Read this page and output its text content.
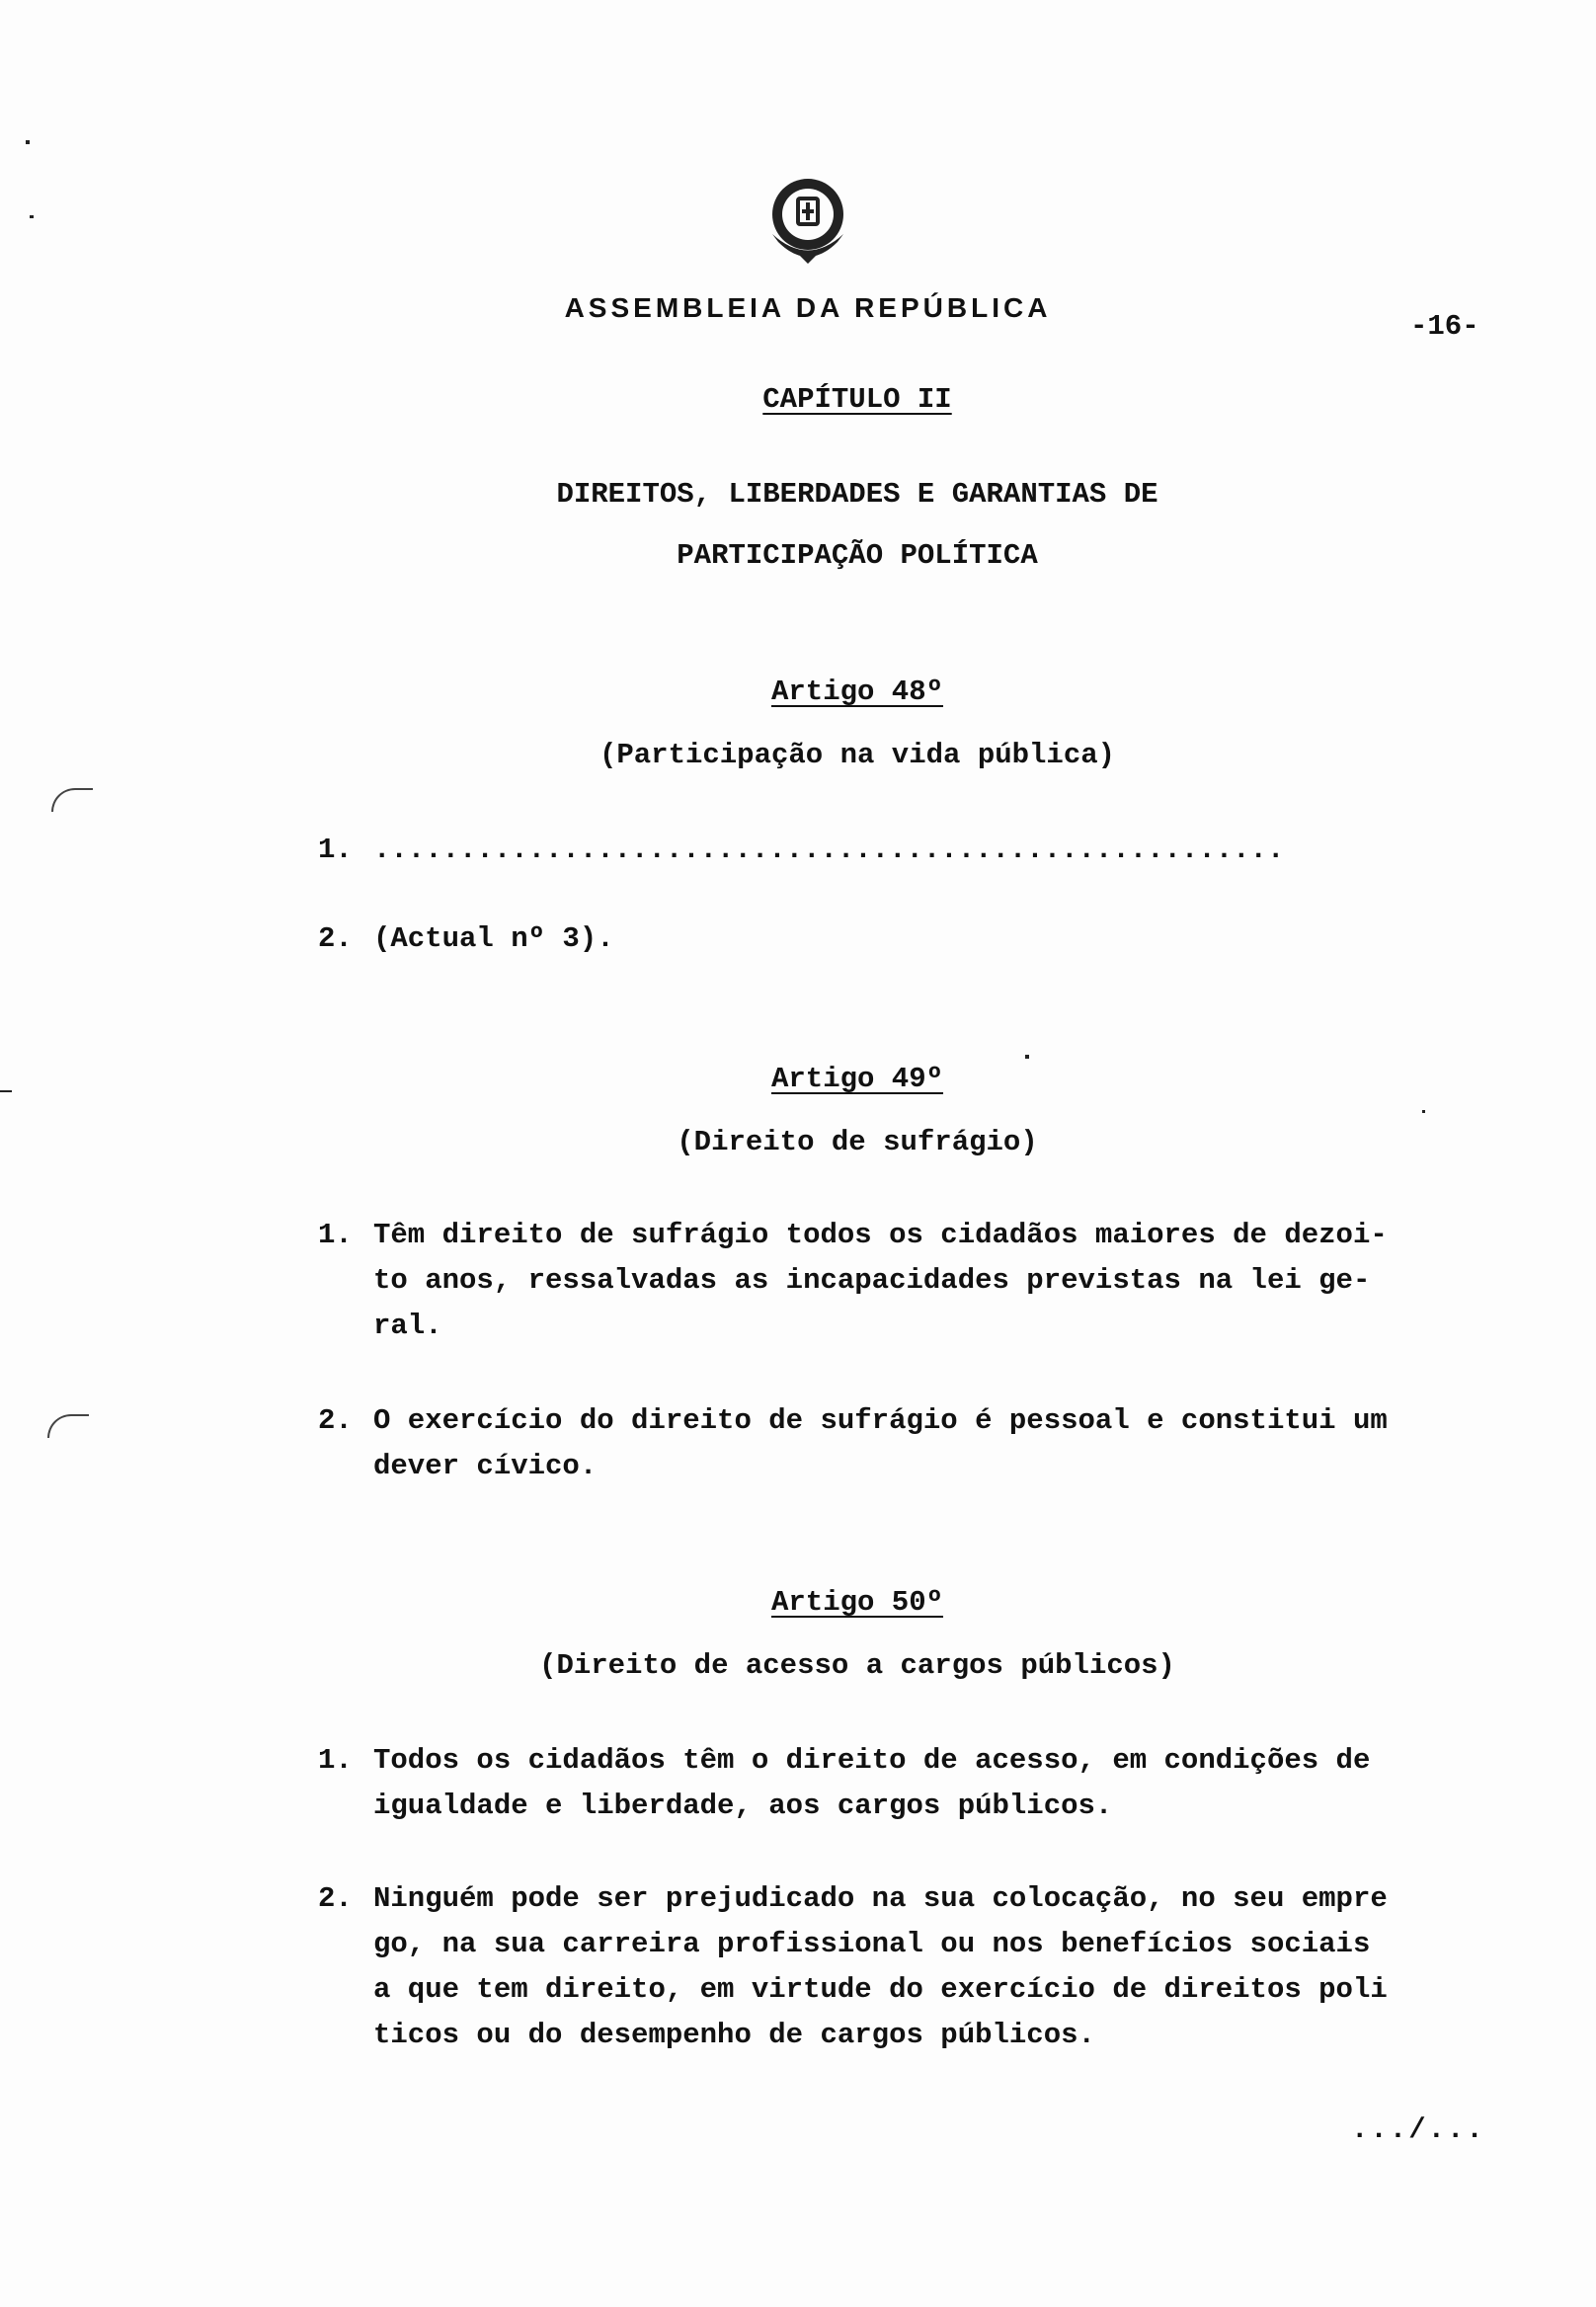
ASSEMBLEIA DA REPÚBLICA
-16-
CAPÍTULO II
DIREITOS, LIBERDADES E GARANTIAS DE
PARTICIPAÇÃO POLÍTICA
Artigo 48º
(Participação na vida pública)
1. .....................................................
2. (Actual nº 3).
Artigo 49º
(Direito de sufrágio)
1. Têm direito de sufrágio todos os cidadãos maiores de dezoi-
to anos, ressalvadas as incapacidades previstas na lei ge-
ral.
2. O exercício do direito de sufrágio é pessoal e constitui um
dever cívico.
Artigo 50º
(Direito de acesso a cargos públicos)
1. Todos os cidadãos têm o direito de acesso, em condições de
igualdade e liberdade, aos cargos públicos.
2. Ninguém pode ser prejudicado na sua colocação, no seu empre
go, na sua carreira profissional ou nos benefícios sociais
a que tem direito, em virtude do exercício de direitos poli
ticos ou do desempenho de cargos públicos.
.../...
